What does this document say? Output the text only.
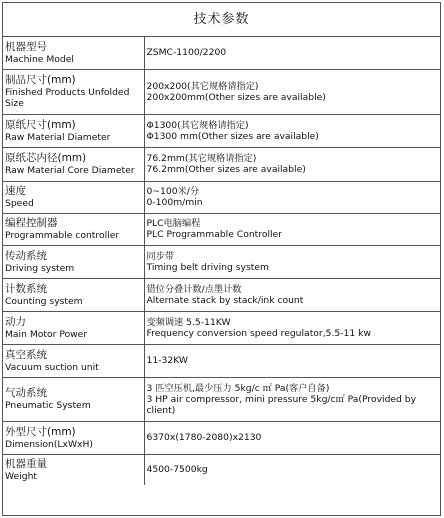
技术参数
机器型号
Machine Model	ZSMC-1100/2200

制品尺寸(mm)
Finished Products Unfolded Size	200x200(其它规格请指定)
200x200mm(Other sizes are available)

原纸尺寸(mm)
Raw Material Diameter	Φ1300(其它规格请指定)
Φ1300 mm(Other sizes are available)

原纸芯内径(mm)
Raw Material Core Diameter	76.2mm(其它规格请指定)
76.2mm(Other sizes are available)

速度
Speed	0~100米/分
0-100m/min

编程控制器
Programmable controller	PLC电脑编程
PLC Programmable Controller

传动系统
Driving system	同步带
Timing belt driving system

计数系统
Counting system	错位分叠计数/点墨计数
Alternate stack by stack/ink count

动力
Main Motor Power	变频调速 5.5-11KW
Frequency conversion speed regulator,5.5-11 kw

真空系统
Vacuum suction unit	11-32KW

气动系统
Pneumatic System	3 匹空压机,最少压力 5kg/c ㎡ Pa(客户自备)
3 HP air compressor, mini pressure 5kg/c㎡ Pa(Provided by client)

外型尺寸(mm)
Dimension(LxWxH)	6370x(1780-2080)x2130

机器重量
Weight	4500-7500kg
